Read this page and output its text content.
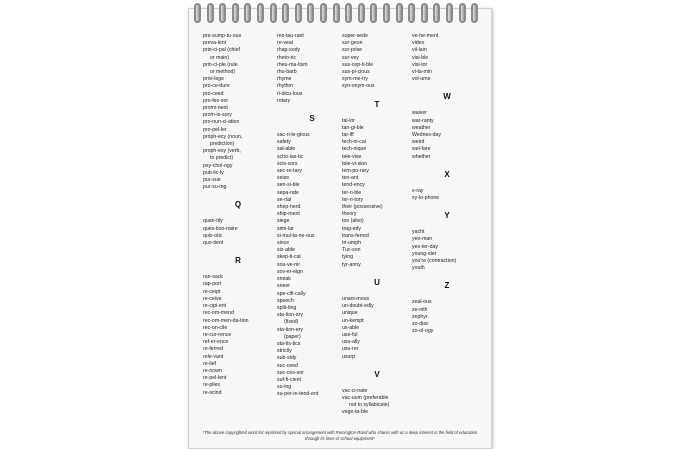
pre-sump-tu-ous
preva-lent
prin-ci-pal (chief
or main)
prin-ci-ple (rule
or method)
privi-lege
pro-ce-dure
pro-ceed
pro-fes-sor
promi-nent
prom-is-sory
pro-nun-ci-ation
pro-pel-ler
proph-ecy (noun,
prediction)
proph-esy (verb,
to predict)
psy-chol-ogy
pub-lic-ly
pur-sue
pur-su-ing
Q
quan-tity
ques-tion-naire
quix-otic
quo-tient
R
ran-sack
rap-port
re-ceipt
re-ceive
re-cipi-ent
rec-om-mend
rec-om-men-da-tion
rec-on-cile
re-cur-rence
ref-er-ence
re-ferred
rele-vant
re-lief
re-nown
re-pel-lent
re-plies
re-scind
res-tau-rant
re-veal
rhap-sody
rheto-ric
rheu-ma-tism
rhu-barb
rhyme
rhythm
ri-dicu-lous
rotary
S
sac-ri-le-gious
safety
sal-able
scho-las-tic
scis-sors
sec-re-tary
seize
sen-si-ble
sepa-rate
se-rial
shep-herd
ship-ment
siege
simi-lar
si-mul-ta-ne-ous
since
siz-able
skep-ti-cal
sou-ve-nir
sov-er-eign
sneak
sneer
spe-cifi-cally
speech
split-ting
sta-tion-ary
(fixed)
sta-tion-ery
(paper)
sta-tis-tics
strictly
sub-sidy
suc-ceed
suc-ces-sor
suf-fi-cient
su-ing
su-per-in-tend-ent
super-sede
sur-geon
sur-prise
sur-vey
sus-cep-ti-ble
sus-pi-cious
sym-me-try
syn-onym-ous
T
tai-lor
tan-gi-ble
tar-iff
tech-ni-cal
tech-nique
tele-vise
tele-vi-sion
tem-po-rary
ten-ant
tend-ency
ter-ri-ble
ter-ri-tory
their (possessive)
theory
too (also)
trag-edy
trans-ferred
tri-umph
Tuc-son
tying
tyr-anny
U
unani-mous
un-doubt-edly
unique
un-kempt
us-able
use-ful
usu-ally
usu-rer
usurp
V
vac-ci-nate
vac-uum (preferable
not to syllabicate)
vege-ta-ble
ve-he-ment
video
vil-lain
visi-ble
visi-tor
vi-ta-min
vol-ume
W
waiver
war-ranty
weather
Wednes-day
weird
wel-fare
whether
X
x-ray
xy-lo-phone
Y
yacht
yeo-man
yes-ter-day
young-ster
you're (contraction)
youth
Z
zeal-ous
ze-nith
zephyr
zo-diac
zo-ol-ogy
*The above copyrighted word list reprinted by special arrangement with Remington-Rand who shares with us a deep interest in the field of education through its lines of school equipment*
